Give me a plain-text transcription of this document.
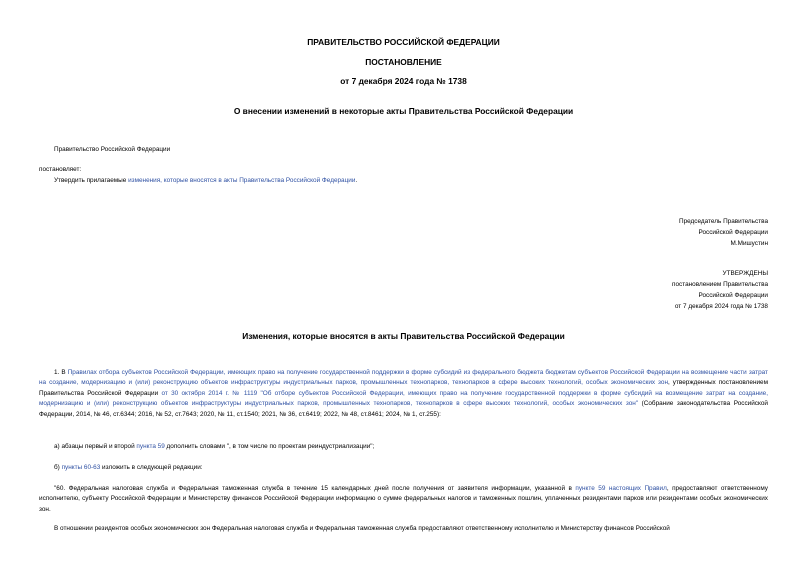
ПРАВИТЕЛЬСТВО РОССИЙСКОЙ ФЕДЕРАЦИИ
ПОСТАНОВЛЕНИЕ
от 7 декабря 2024 года № 1738
О внесении изменений в некоторые акты Правительства Российской Федерации
Правительство Российской Федерации
постановляет:
Утвердить прилагаемые изменения, которые вносятся в акты Правительства Российской Федерации.
Председатель Правительства
Российской Федерации
М.Мишустин
УТВЕРЖДЕНЫ
постановлением Правительства
Российской Федерации
от 7 декабря 2024 года № 1738
Изменения, которые вносятся в акты Правительства Российской Федерации
1. В Правилах отбора субъектов Российской Федерации, имеющих право на получение государственной поддержки в форме субсидий из федерального бюджета бюджетам субъектов Российской Федерации на возмещение части затрат на создание, модернизацию и (или) реконструкцию объектов инфраструктуры индустриальных парков, промышленных технопарков, технопарков в сфере высоких технологий, особых экономических зон, утвержденных постановлением Правительства Российской Федерации от 30 октября 2014 г. № 1119 "Об отборе субъектов Российской Федерации, имеющих право на получение государственной поддержки в форме субсидий на возмещение затрат на создание, модернизацию и (или) реконструкцию объектов инфраструктуры индустриальных парков, промышленных технопарков, технопарков в сфере высоких технологий, особых экономических зон" (Собрание законодательства Российской Федерации, 2014, № 46, ст.6344; 2016, № 52, ст.7643; 2020, № 11, ст.1540; 2021, № 36, ст.6419; 2022, № 48, ст.8461; 2024, № 1, ст.255):
а) абзацы первый и второй пункта 59 дополнить словами ", в том числе по проектам реиндустриализации";
б) пункты 60-63 изложить в следующей редакции:
"60. Федеральная налоговая служба и Федеральная таможенная служба в течение 15 календарных дней после получения от заявителя информации, указанной в пункте 59 настоящих Правил, предоставляют ответственному исполнителю, субъекту Российской Федерации и Министерству финансов Российской Федерации информацию о сумме федеральных налогов и таможенных пошлин, уплаченных резидентами парков или резидентами особых экономических зон.
В отношении резидентов особых экономических зон Федеральная налоговая служба и Федеральная таможенная служба предоставляют ответственному исполнителю и Министерству финансов Российской
